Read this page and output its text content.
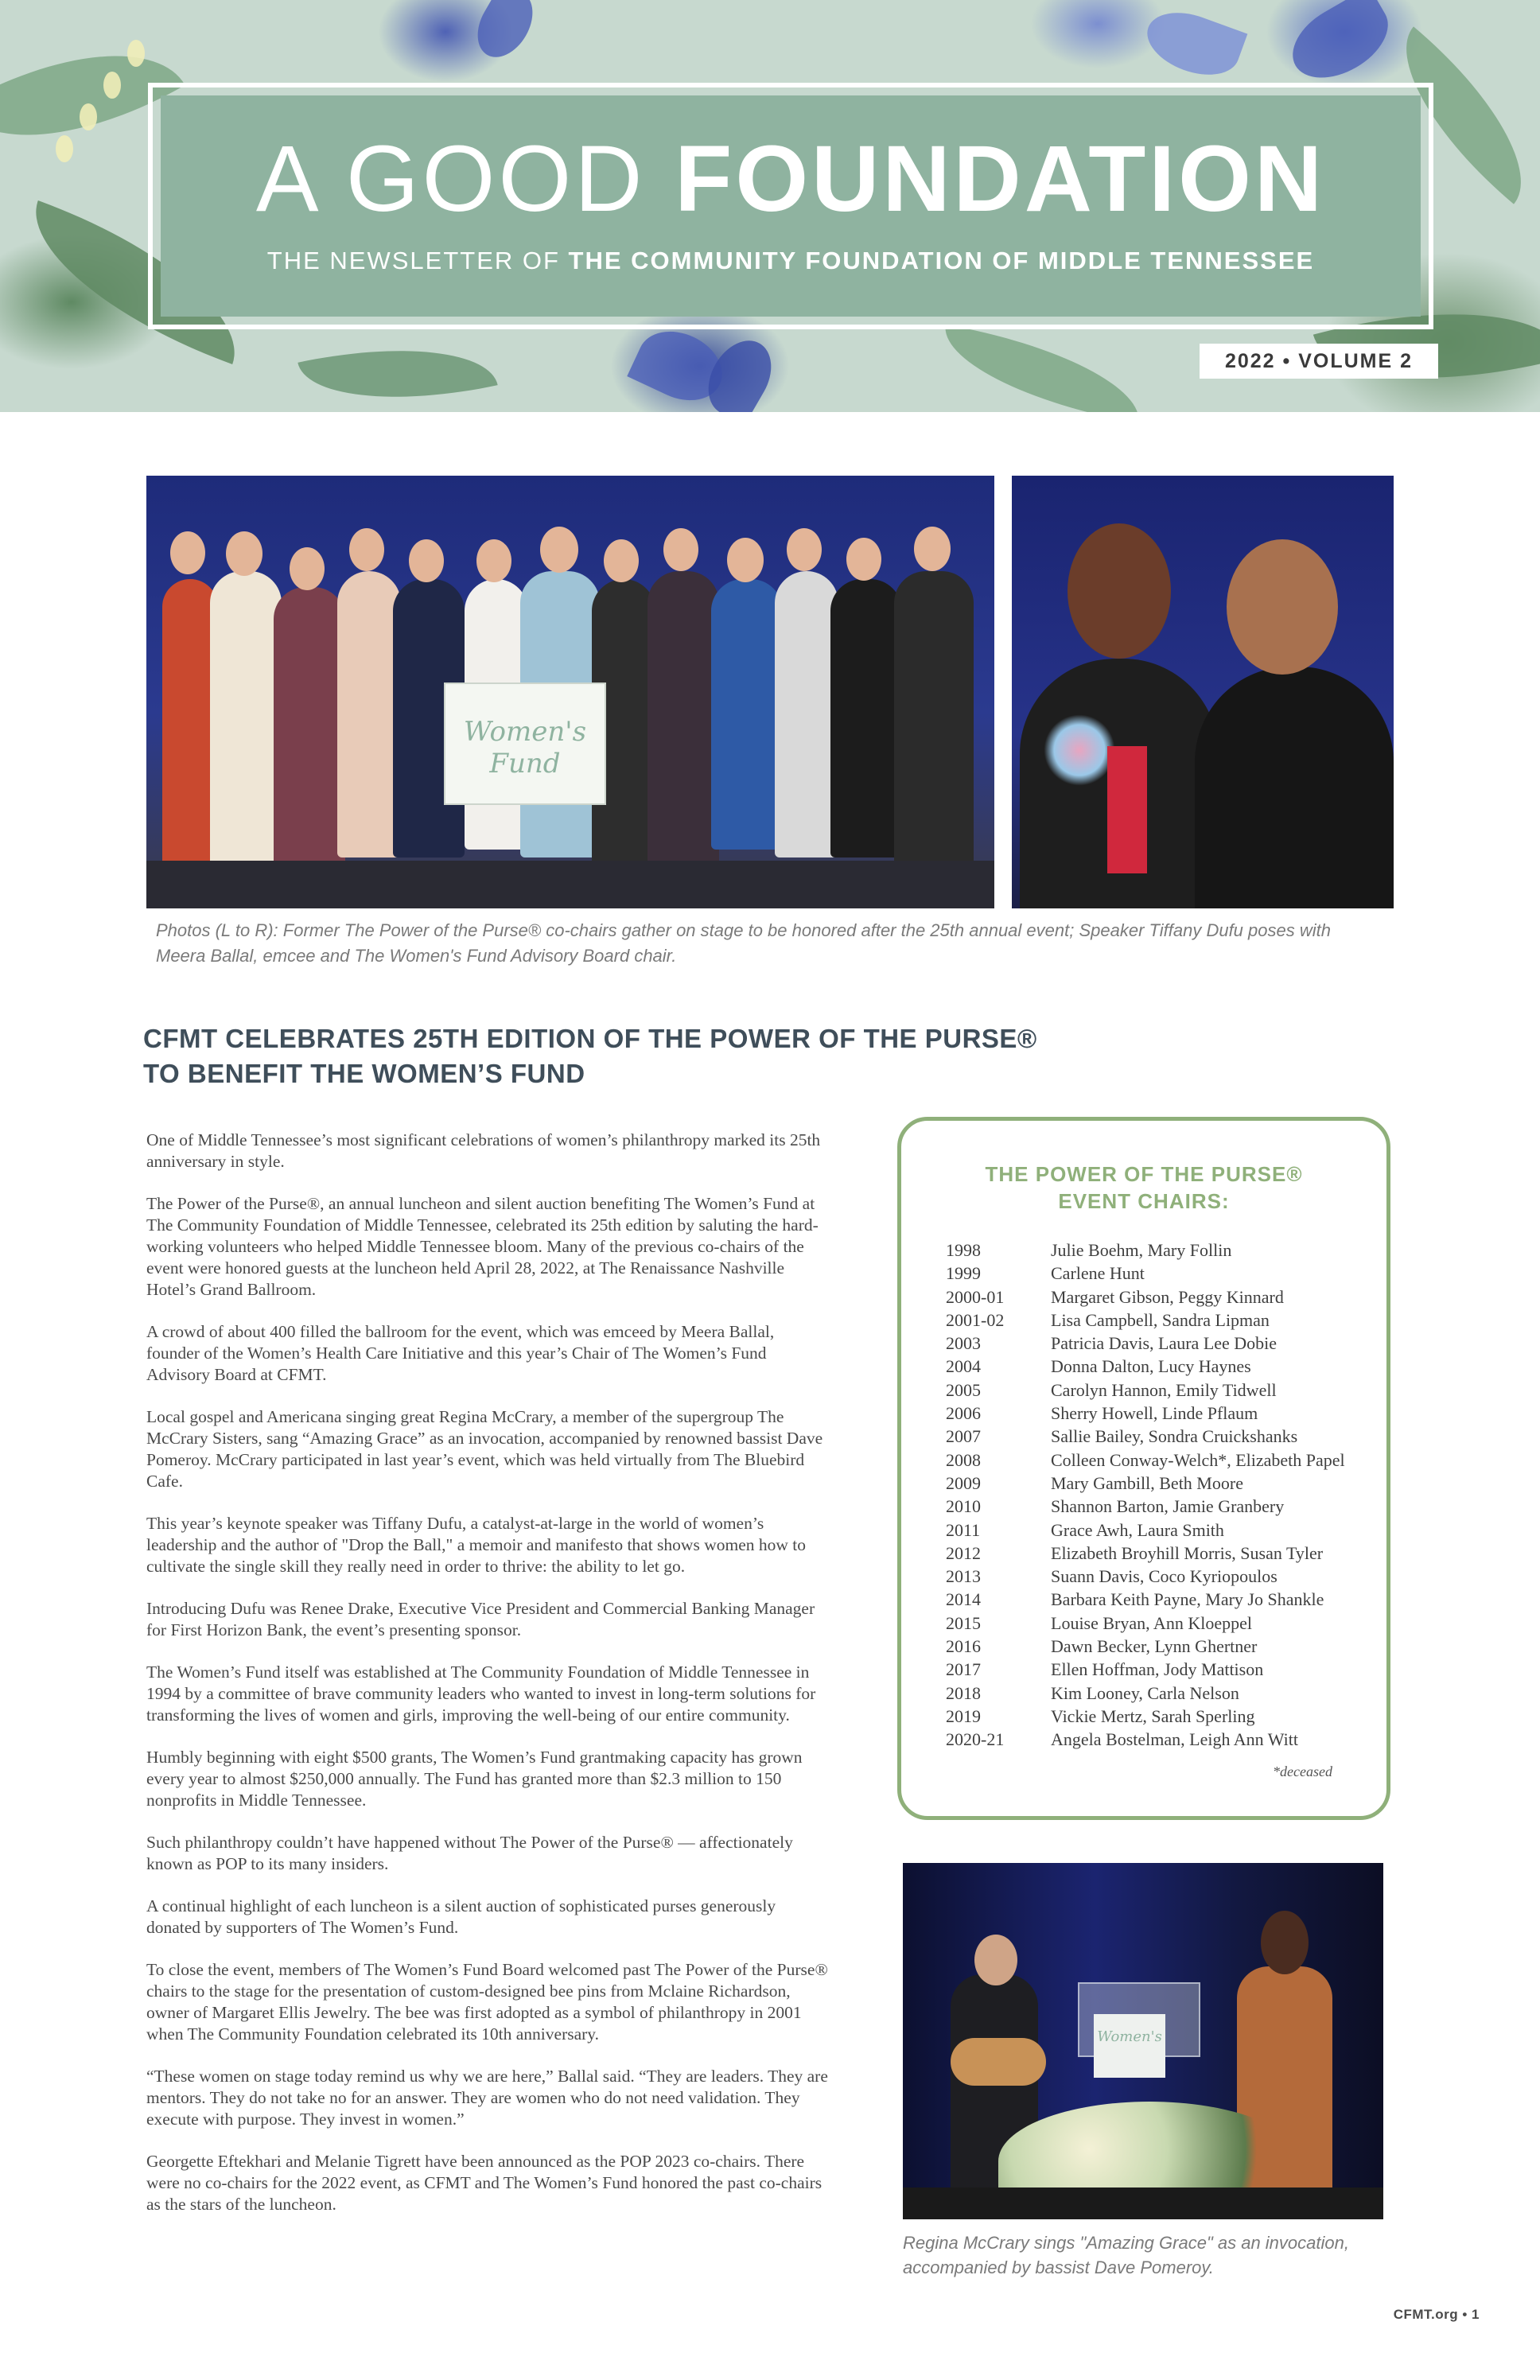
A GOOD FOUNDATION
THE NEWSLETTER OF THE COMMUNITY FOUNDATION OF MIDDLE TENNESSEE
2022 • VOLUME 2
Women's Fund
Photos (L to R): Former The Power of the Purse® co-chairs gather on stage to be honored after the 25th annual event; Speaker Tiffany Dufu poses with Meera Ballal, emcee and The Women's Fund Advisory Board chair.
CFMT CELEBRATES 25TH EDITION OF THE POWER OF THE PURSE®
TO BENEFIT THE WOMEN’S FUND

One of Middle Tennessee’s most significant celebrations of women’s philanthropy marked its 25th anniversary in style.

The Power of the Purse®, an annual luncheon and silent auction benefiting The Women’s Fund at The Community Foundation of Middle Tennessee, celebrated its 25th edition by saluting the hard-working volunteers who helped Middle Tennessee bloom. Many of the previous co-chairs of the event were honored guests at the luncheon held April 28, 2022, at The Renaissance Nashville Hotel’s Grand Ballroom.

A crowd of about 400 filled the ballroom for the event, which was emceed by Meera Ballal, founder of the Women’s Health Care Initiative and this year’s Chair of The Women’s Fund Advisory Board at CFMT.

Local gospel and Americana singing great Regina McCrary, a member of the supergroup The McCrary Sisters, sang “Amazing Grace” as an invocation, accompanied by renowned bassist Dave Pomeroy. McCrary participated in last year’s event, which was held virtually from The Bluebird Cafe.

This year’s keynote speaker was Tiffany Dufu, a catalyst-at-large in the world of women’s leadership and the author of "Drop the Ball," a memoir and manifesto that shows women how to cultivate the single skill they really need in order to thrive: the ability to let go.

Introducing Dufu was Renee Drake, Executive Vice President and Commercial Banking Manager for First Horizon Bank, the event’s presenting sponsor.

The Women’s Fund itself was established at The Community Foundation of Middle Tennessee in 1994 by a committee of brave community leaders who wanted to invest in long-term solutions for transforming the lives of women and girls, improving the well-being of our entire community.

Humbly beginning with eight $500 grants, The Women’s Fund grantmaking capacity has grown every year to almost $250,000 annually. The Fund has granted more than $2.3 million to 150 nonprofits in Middle Tennessee.

Such philanthropy couldn’t have happened without The Power of the Purse® — affectionately known as POP to its many insiders.

A continual highlight of each luncheon is a silent auction of sophisticated purses generously donated by supporters of The Women’s Fund.

To close the event, members of The Women’s Fund Board welcomed past The Power of the Purse® chairs to the stage for the presentation of custom-designed bee pins from Mclaine Richardson, owner of Margaret Ellis Jewelry. The bee was first adopted as a symbol of philanthropy in 2001 when The Community Foundation celebrated its 10th anniversary.

“These women on stage today remind us why we are here,” Ballal said. “They are leaders. They are mentors. They do not take no for an answer. They are women who do not need validation. They execute with purpose. They invest in women.”

Georgette Eftekhari and Melanie Tigrett have been announced as the POP 2023 co-chairs. There were no co-chairs for the 2022 event, as CFMT and The Women’s Fund honored the past co-chairs as the stars of the luncheon.

THE POWER OF THE PURSE®
EVENT CHAIRS:
1998	Julie Boehm, Mary Follin
1999	Carlene Hunt
2000-01	Margaret Gibson, Peggy Kinnard
2001-02	Lisa Campbell, Sandra Lipman
2003	Patricia Davis, Laura Lee Dobie
2004	Donna Dalton, Lucy Haynes
2005	Carolyn Hannon, Emily Tidwell
2006	Sherry Howell, Linde Pflaum
2007	Sallie Bailey, Sondra Cruickshanks
2008	Colleen Conway-Welch*, Elizabeth Papel
2009	Mary Gambill, Beth Moore
2010	Shannon Barton, Jamie Granbery
2011	Grace Awh, Laura Smith
2012	Elizabeth Broyhill Morris, Susan Tyler
2013	Suann Davis, Coco Kyriopoulos
2014	Barbara Keith Payne, Mary Jo Shankle
2015	Louise Bryan, Ann Kloeppel
2016	Dawn Becker, Lynn Ghertner
2017	Ellen Hoffman, Jody Mattison
2018	Kim Looney, Carla Nelson
2019	Vickie Mertz, Sarah Sperling
2020-21	Angela Bostelman, Leigh Ann Witt
*deceased
Women's
Regina McCrary sings "Amazing Grace" as an invocation, accompanied by bassist Dave Pomeroy.
CFMT.org • 1
